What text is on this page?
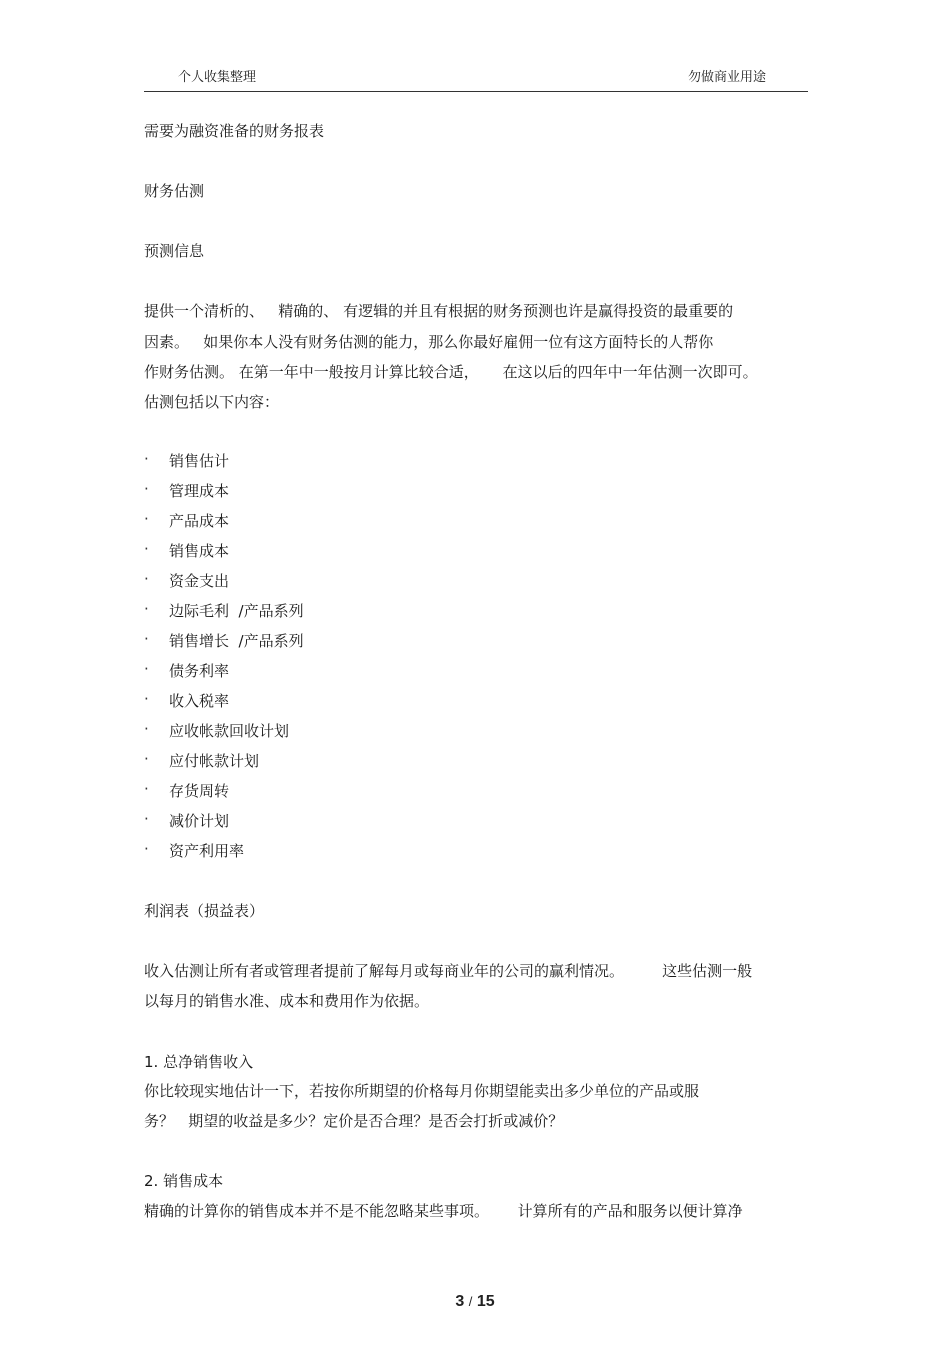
个人收集整理	勿做商业用途
需要为融资准备的财务报表
财务估测
预测信息
提供一个清析的、   精确的、 有逻辑的并且有根据的财务预测也许是赢得投资的最重要的
因素。   如果你本人没有财务估测的能力，那么你最好雇佣一位有这方面特长的人帮你
作财务估测。 在第一年中一般按月计算比较合适，     在这以后的四年中一年估测一次即可。
估测包括以下内容：
· 销售估计
· 管理成本
· 产品成本
· 销售成本
· 资金支出
· 边际毛利  /产品系列
· 销售增长  /产品系列
· 债务利率
· 收入税率
· 应收帐款回收计划
· 应付帐款计划
· 存货周转
· 减价计划
· 资产利用率
利润表（损益表）
收入估测让所有者或管理者提前了解每月或每商业年的公司的赢利情况。        这些估测一般
以每月的销售水准、成本和费用作为依据。
1. 总净销售收入
你比较现实地估计一下，若按你所期望的价格每月你期望能卖出多少单位的产品或服
务？   期望的收益是多少？定价是否合理？是否会打折或减价？
2. 销售成本
精确的计算你的销售成本并不是不能忽略某些事项。      计算所有的产品和服务以便计算净
3 / 15
